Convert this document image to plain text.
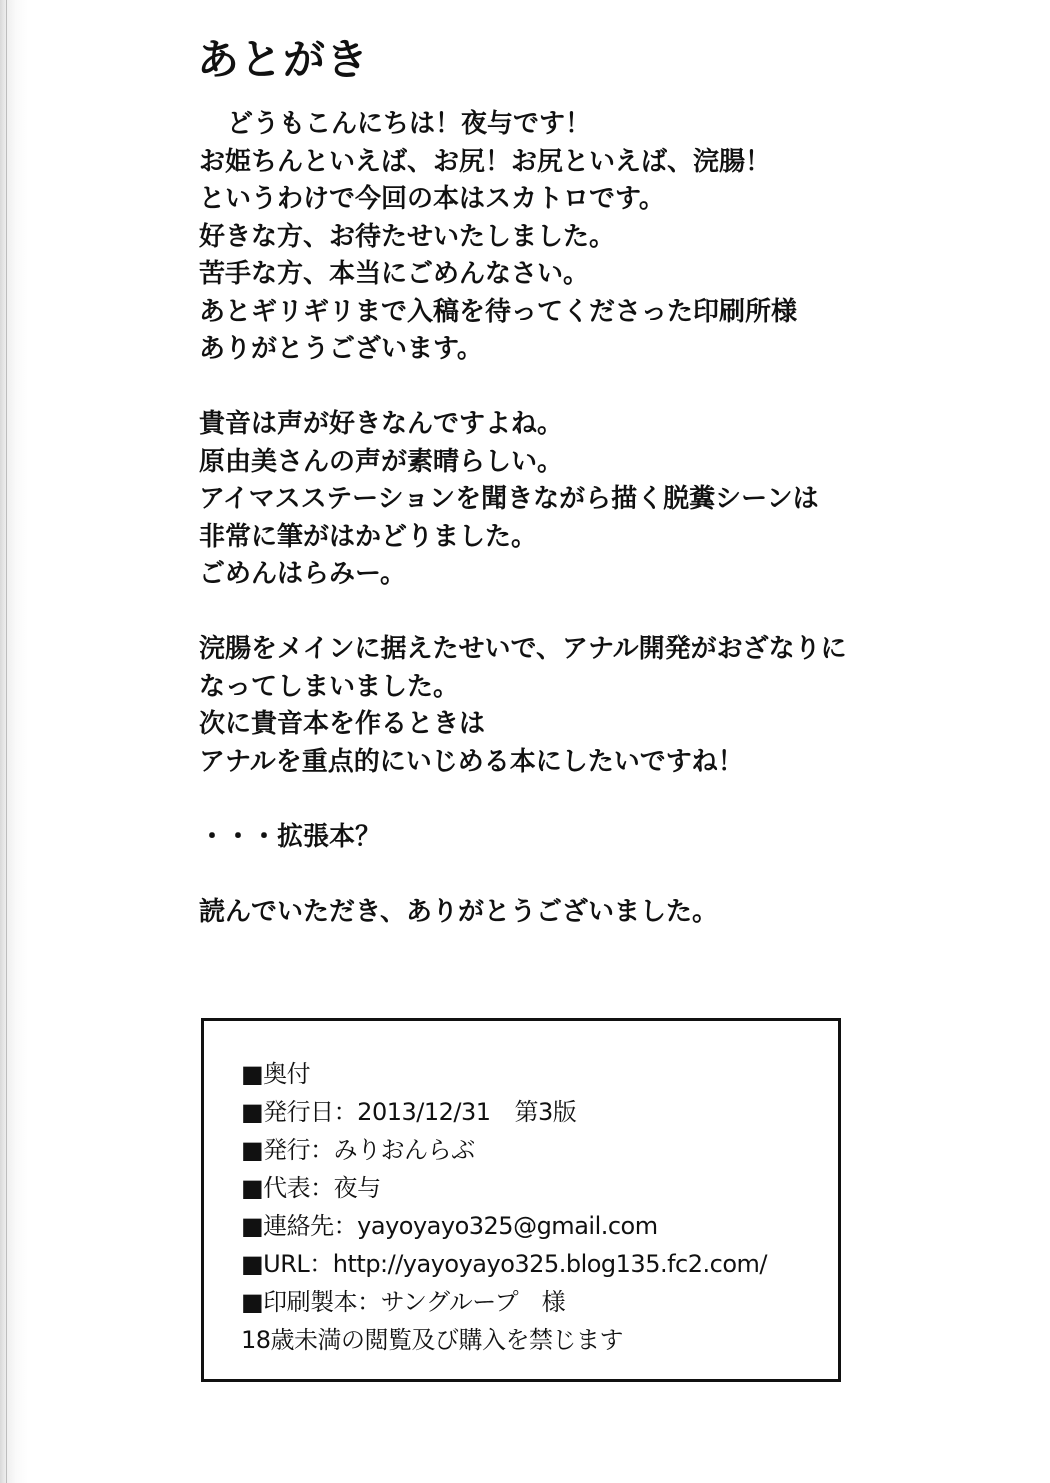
あとがき
どうもこんにちは！夜与です！
お姫ちんといえば、お尻！お尻といえば、浣腸！
というわけで今回の本はスカトロです。
好きな方、お待たせいたしました。
苦手な方、本当にごめんなさい。
あとギリギリまで入稿を待ってくださった印刷所様
ありがとうございます。
貴音は声が好きなんですよね。
原由美さんの声が素晴らしい。
アイマスステーションを聞きながら描く脱糞シーンは
非常に筆がはかどりました。
ごめんはらみー。
浣腸をメインに据えたせいで、アナル開発がおざなりに
なってしまいました。
次に貴音本を作るときは
アナルを重点的にいじめる本にしたいですね！
・・・拡張本？
読んでいただき、ありがとうございました。
■奥付
■発行日：2013/12/31 第3版
■発行：みりおんらぶ
■代表：夜与
■連絡先：yayoyayo325@gmail.com
■URL：http://yayoyayo325.blog135.fc2.com/
■印刷製本：サングループ　様
18歳未満の閲覧及び購入を禁じます
